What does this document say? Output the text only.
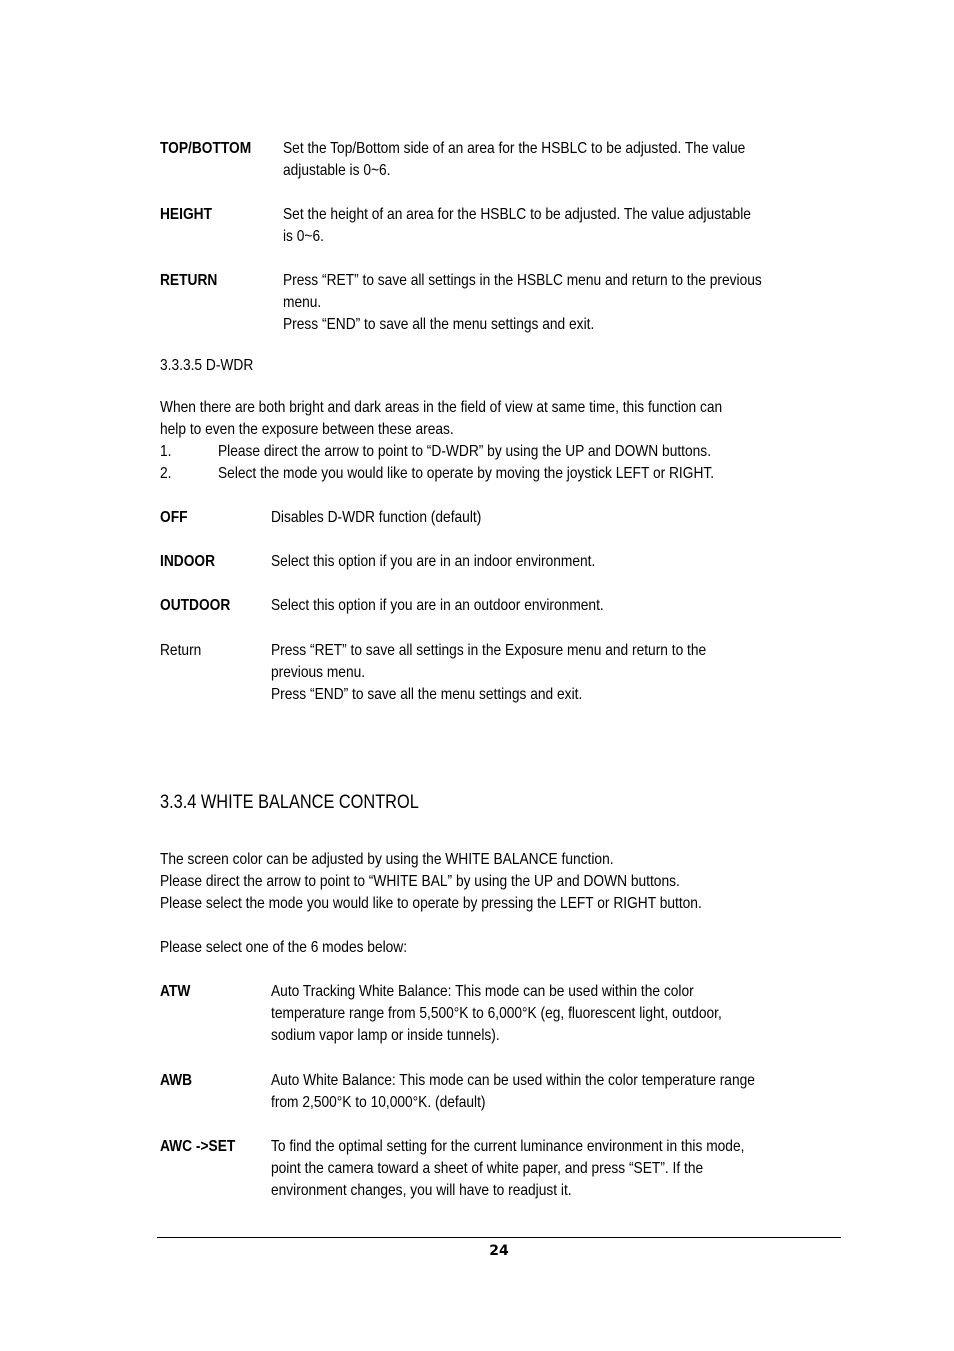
TOP/BOTTOM Set the Top/Bottom side of an area for the HSBLC to be adjusted. The value
adjustable is 0~6.
HEIGHT	Set the height of an area for the HSBLC to be adjusted. The value adjustable
is 0~6.
RETURN	Press “RET” to save all settings in the HSBLC menu and return to the previous
menu.
Press “END” to save all the menu settings and exit.
3.3.3.5 D-WDR
When there are both bright and dark areas in the field of view at same time, this function can
help to even the exposure between these areas.
1.	Please direct the arrow to point to “D-WDR” by using the UP and DOWN buttons.
2.	Select the mode you would like to operate by moving the joystick LEFT or RIGHT.
OFF	Disables D-WDR function (default)
INDOOR	Select this option if you are in an indoor environment.
OUTDOOR	Select this option if you are in an outdoor environment.
Return	Press “RET” to save all settings in the Exposure menu and return to the
previous menu.
Press “END” to save all the menu settings and exit.
3.3.4 WHITE BALANCE CONTROL
The screen color can be adjusted by using the WHITE BALANCE function.
Please direct the arrow to point to “WHITE BAL” by using the UP and DOWN buttons.
Please select the mode you would like to operate by pressing the LEFT or RIGHT button.
Please select one of the 6 modes below:
ATW	Auto Tracking White Balance: This mode can be used within the color
temperature range from 5,500°K to 6,000°K (eg, fluorescent light, outdoor,
sodium vapor lamp or inside tunnels).
AWB	Auto White Balance: This mode can be used within the color temperature range
from 2,500°K to 10,000°K. (default)
AWC ->SET To find the optimal setting for the current luminance environment in this mode,
point the camera toward a sheet of white paper, and press “SET”. If the
environment changes, you will have to readjust it.
24
